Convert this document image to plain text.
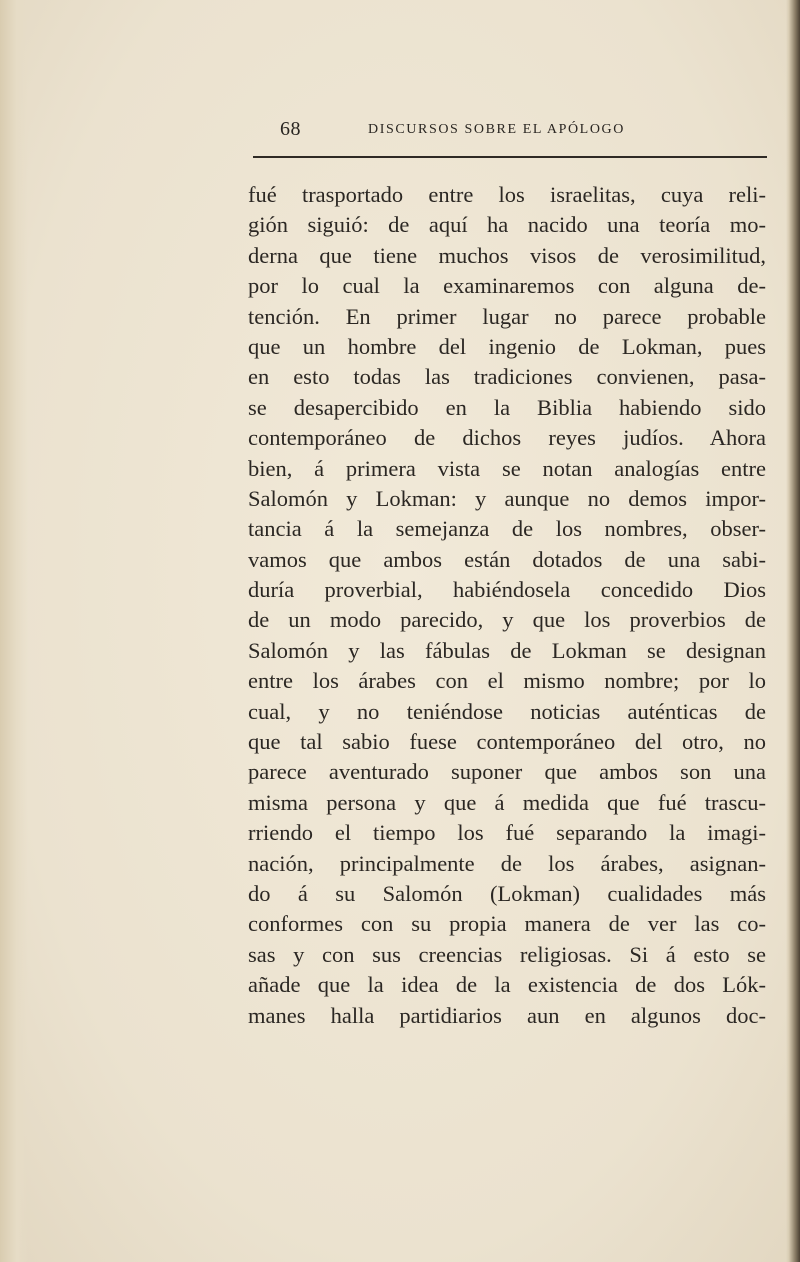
68	DISCURSOS SOBRE EL APÓLOGO
fué trasportado entre los israelitas, cuya reli-
gión siguió: de aquí ha nacido una teoría mo-
derna que tiene muchos visos de verosimilitud,
por lo cual la examinaremos con alguna de-
tención. En primer lugar no parece probable
que un hombre del ingenio de Lokman, pues
en esto todas las tradiciones convienen, pasa-
se desapercibido en la Biblia habiendo sido
contemporáneo de dichos reyes judíos. Ahora
bien, á primera vista se notan analogías entre
Salomón y Lokman: y aunque no demos impor-
tancia á la semejanza de los nombres, obser-
vamos que ambos están dotados de una sabi-
duría proverbial, habiéndosela concedido Dios
de un modo parecido, y que los proverbios de
Salomón y las fábulas de Lokman se designan
entre los árabes con el mismo nombre; por lo
cual, y no teniéndose noticias auténticas de
que tal sabio fuese contemporáneo del otro, no
parece aventurado suponer que ambos son una
misma persona y que á medida que fué trascu-
rriendo el tiempo los fué separando la imagi-
nación, principalmente de los árabes, asignan-
do á su Salomón (Lokman) cualidades más
conformes con su propia manera de ver las co-
sas y con sus creencias religiosas. Si á esto se
añade que la idea de la existencia de dos Lók-
manes halla partidiarios aun en algunos doc-
